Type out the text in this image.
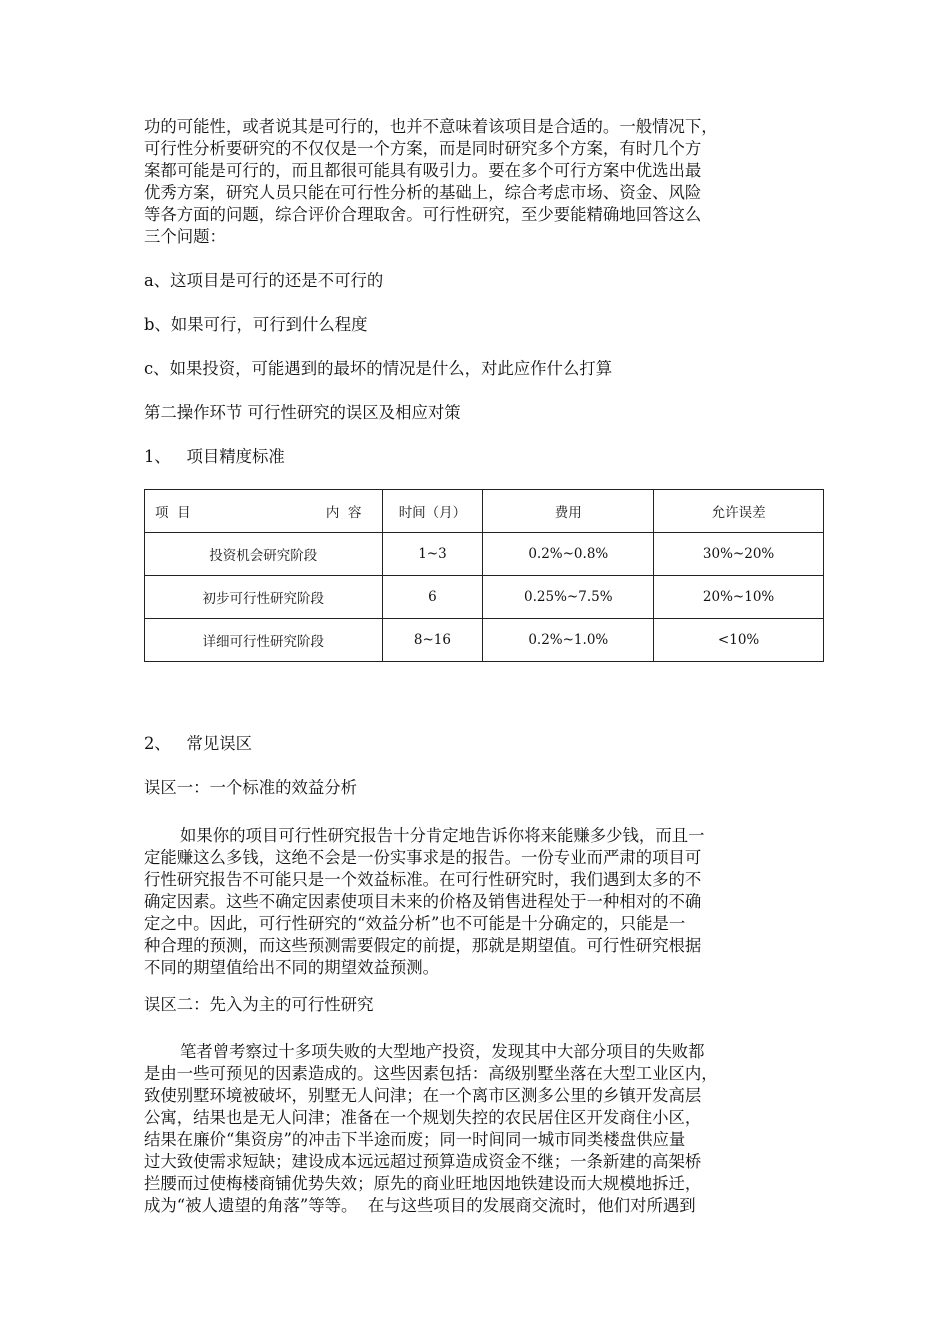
功的可能性，或者说其是可行的，也并不意味着该项目是合适的。一般情况下，
可行性分析要研究的不仅仅是一个方案，而是同时研究多个方案，有时几个方
案都可能是可行的，而且都很可能具有吸引力。要在多个可行方案中优选出最
优秀方案，研究人员只能在可行性分析的基础上，综合考虑市场、资金、风险
等各方面的问题，综合评价合理取舍。可行性研究，至少要能精确地回答这么
三个问题：
a、这项目是可行的还是不可行的
b、如果可行，可行到什么程度
c、如果投资，可能遇到的最坏的情况是什么，对此应作什么打算
第二操作环节 可行性研究的误区及相应对策
1、   项目精度标准
项  目 内  容	时间（月）	费用	允许误差
投资机会研究阶段	1~3	0.2%~0.8%	30%~20%
初步可行性研究阶段	6	0.25%~7.5%	20%~10%
详细可行性研究阶段	8~16	0.2%~1.0%	<10%
2、   常见误区
误区一：一个标准的效益分析
如果你的项目可行性研究报告十分肯定地告诉你将来能赚多少钱，而且一
定能赚这么多钱，这绝不会是一份实事求是的报告。一份专业而严肃的项目可
行性研究报告不可能只是一个效益标准。在可行性研究时，我们遇到太多的不
确定因素。这些不确定因素使项目未来的价格及销售进程处于一种相对的不确
定之中。因此，可行性研究的“效益分析”也不可能是十分确定的，只能是一
种合理的预测，而这些预测需要假定的前提，那就是期望值。可行性研究根据
不同的期望值给出不同的期望效益预测。
误区二：先入为主的可行性研究
笔者曾考察过十多项失败的大型地产投资，发现其中大部分项目的失败都
是由一些可预见的因素造成的。这些因素包括：高级别墅坐落在大型工业区内，
致使别墅环境被破坏，别墅无人问津；在一个离市区测多公里的乡镇开发高层
公寓，结果也是无人问津；准备在一个规划失控的农民居住区开发商住小区，
结果在廉价“集资房”的冲击下半途而废；同一时间同一城市同类楼盘供应量
过大致使需求短缺；建设成本远远超过预算造成资金不继；一条新建的高架桥
拦腰而过使梅楼商铺优势失效；原先的商业旺地因地铁建设而大规模地拆迁，
成为“被人遗望的角落”等等。  在与这些项目的发展商交流时，他们对所遇到
